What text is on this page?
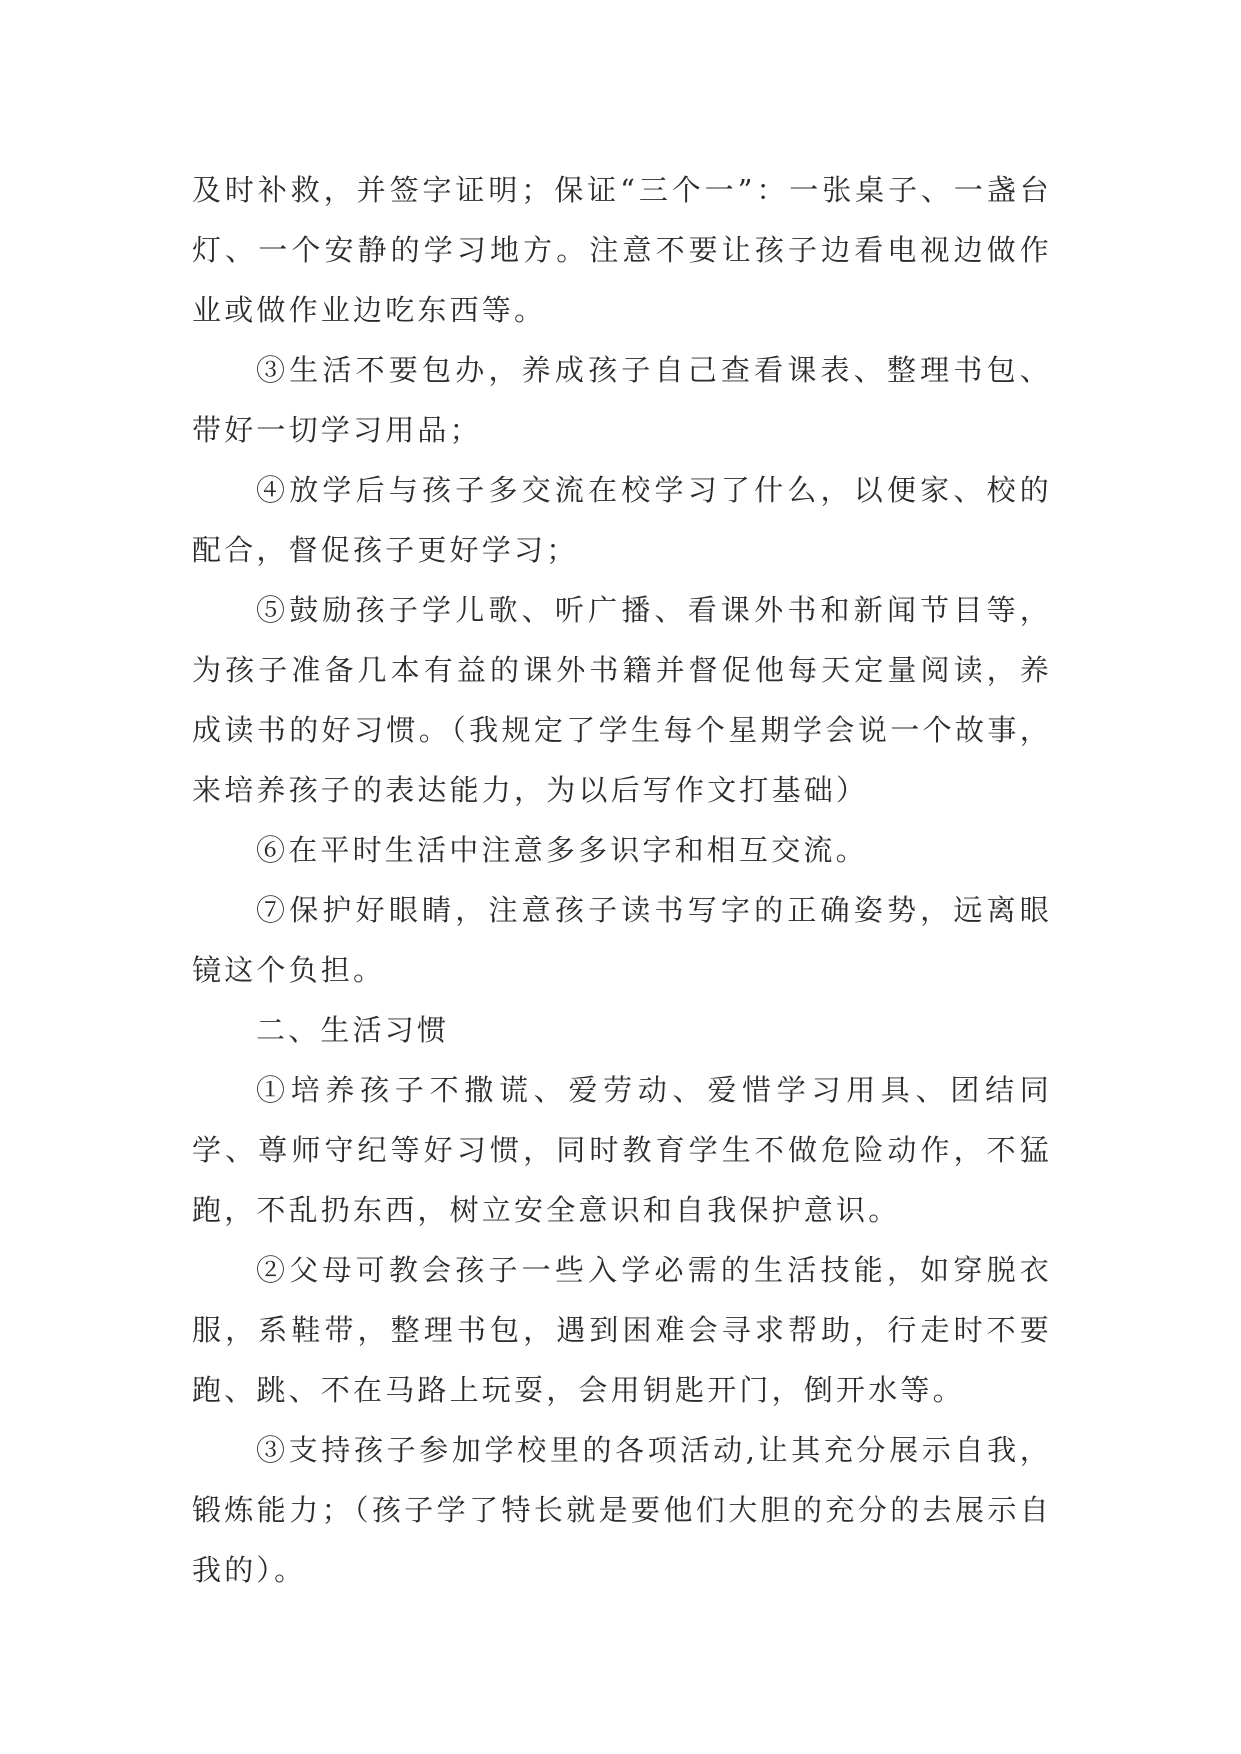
及时补救，并签字证明；保证“三个一”：一张桌子、一盏台灯、一个安静的学习地方。注意不要让孩子边看电视边做作业或做作业边吃东西等。

③生活不要包办，养成孩子自己查看课表、整理书包、带好一切学习用品；

④放学后与孩子多交流在校学习了什么，以便家、校的配合，督促孩子更好学习；

⑤鼓励孩子学儿歌、听广播、看课外书和新闻节目等，为孩子准备几本有益的课外书籍并督促他每天定量阅读，养成读书的好习惯。（我规定了学生每个星期学会说一个故事，来培养孩子的表达能力，为以后写作文打基础）

⑥在平时生活中注意多多识字和相互交流。

⑦保护好眼睛，注意孩子读书写字的正确姿势，远离眼镜这个负担。

二、生活习惯

①培养孩子不撒谎、爱劳动、爱惜学习用具、团结同学、尊师守纪等好习惯，同时教育学生不做危险动作，不猛跑，不乱扔东西，树立安全意识和自我保护意识。

②父母可教会孩子一些入学必需的生活技能，如穿脱衣服，系鞋带，整理书包，遇到困难会寻求帮助，行走时不要跑、跳、不在马路上玩耍，会用钥匙开门，倒开水等。

③支持孩子参加学校里的各项活动,让其充分展示自我，锻炼能力；（孩子学了特长就是要他们大胆的充分的去展示自我的）。
